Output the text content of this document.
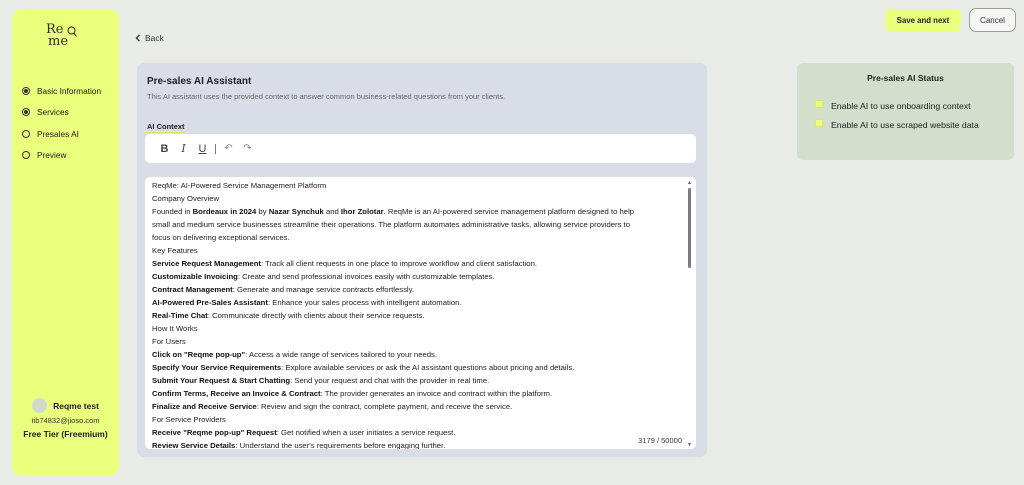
Re
me
Basic Information
Services
Presales AI
Preview
Reqme test
tib74832@jioso.com
Free Tier (Freemium)
Back
Save and next	Cancel
Pre-sales AI Assistant
This AI assistant uses the provided context to answer common business-related questions from your clients.
AI Context
B	I	U ↶ ↷
ReqMe: AI-Powered Service Management Platform
Company Overview
Founded in Bordeaux in 2024 by Nazar Synchuk and Ihor Zolotar. ReqMe is an AI-powered service management platform designed to help
small and medium service businesses streamline their operations. The platform automates administrative tasks, allowing service providers to
focus on delivering exceptional services.
Key Features
Service Request Management: Track all client requests in one place to improve workflow and client satisfaction.
Customizable Invoicing: Create and send professional invoices easily with customizable templates.
Contract Management: Generate and manage service contracts effortlessly.
AI-Powered Pre-Sales Assistant: Enhance your sales process with intelligent automation.
Real-Time Chat: Communicate directly with clients about their service requests.
How It Works
For Users
Click on "Reqme pop-up": Access a wide range of services tailored to your needs.
Specify Your Service Requirements: Explore available services or ask the AI assistant questions about pricing and details.
Submit Your Request & Start Chatting: Send your request and chat with the provider in real time.
Confirm Terms, Receive an Invoice & Contract: The provider generates an invoice and contract within the platform.
Finalize and Receive Service: Review and sign the contract, complete payment, and receive the service.
For Service Providers
Receive "Reqme pop-up" Request: Get notified when a user initiates a service request.
Review Service Details: Understand the user's requirements before engaging further.
▲
▼
3179 / 50000
Pre-sales AI Status
Enable AI to use onboarding context
Enable AI to use scraped website data
